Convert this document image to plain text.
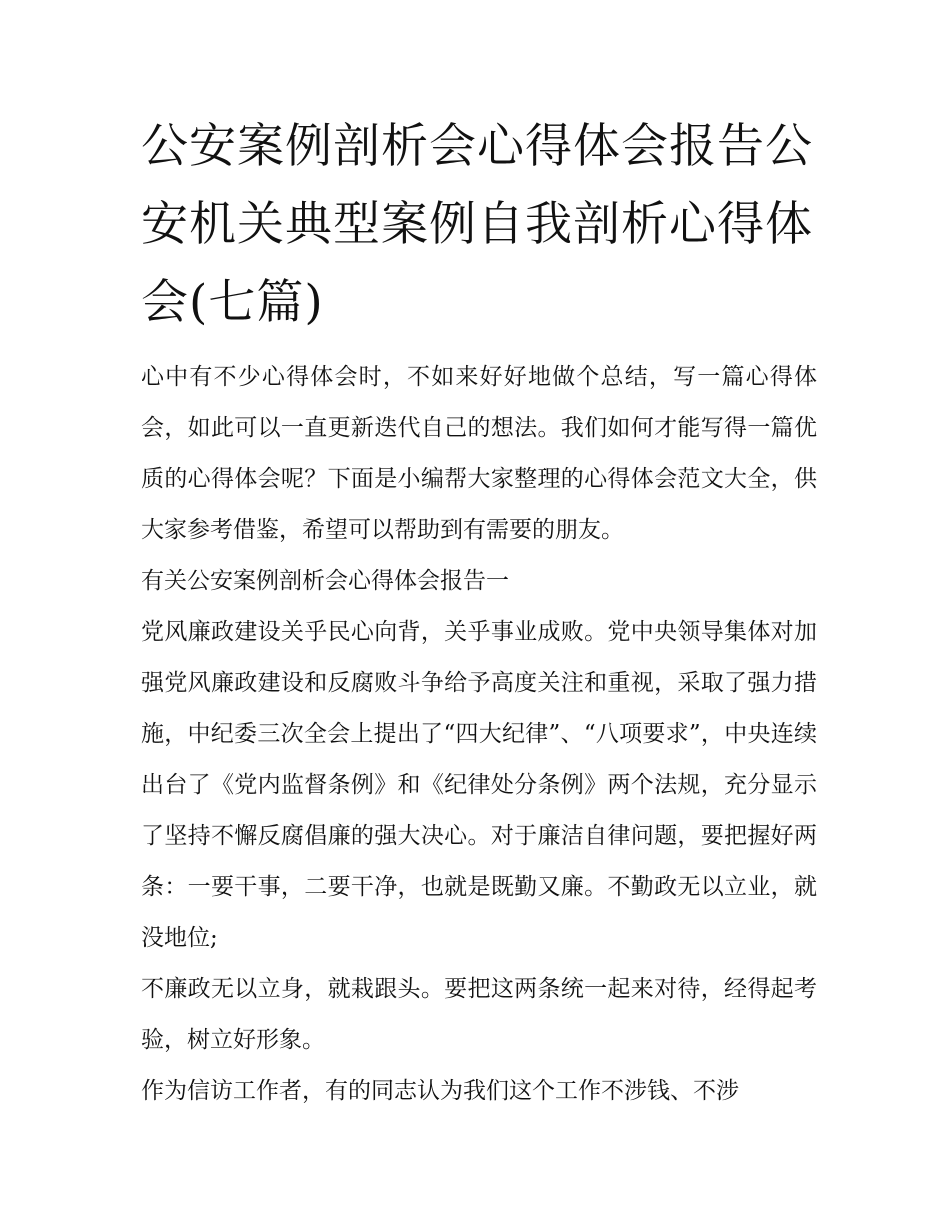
公安案例剖析会心得体会报告公安机关典型案例自我剖析心得体会(七篇)

心中有不少心得体会时，不如来好好地做个总结，写一篇心得体会，如此可以一直更新迭代自己的想法。我们如何才能写得一篇优质的心得体会呢？下面是小编帮大家整理的心得体会范文大全，供大家参考借鉴，希望可以帮助到有需要的朋友。

有关公安案例剖析会心得体会报告一

党风廉政建设关乎民心向背，关乎事业成败。党中央领导集体对加强党风廉政建设和反腐败斗争给予高度关注和重视，采取了强力措施，中纪委三次全会上提出了“四大纪律”、“八项要求”，中央连续出台了《党内监督条例》和《纪律处分条例》两个法规，充分显示了坚持不懈反腐倡廉的强大决心。对于廉洁自律问题，要把握好两条：一要干事，二要干净，也就是既勤又廉。不勤政无以立业，就没地位;

不廉政无以立身，就栽跟头。要把这两条统一起来对待，经得起考验，树立好形象。

作为信访工作者，有的同志认为我们这个工作不涉钱、不涉
